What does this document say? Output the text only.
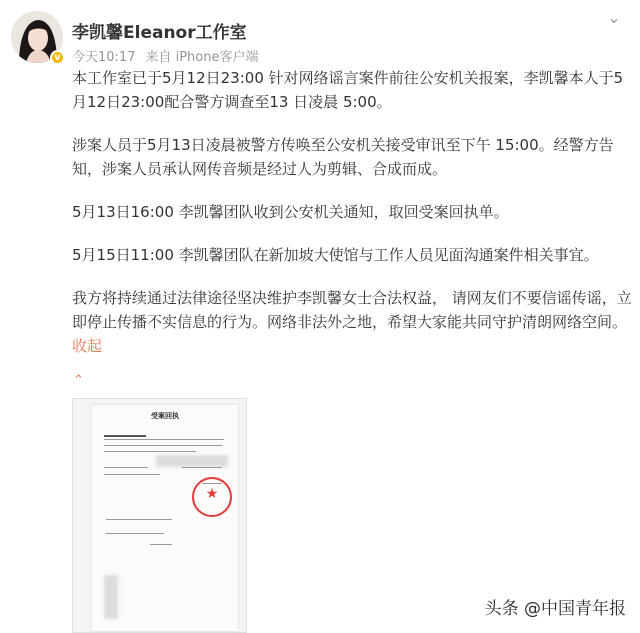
v
李凯馨Eleanor工作室
今天10:17 来自 iPhone客户端
⌄

本工作室已于5月12日23:00 针对网络谣言案件前往公安机关报案，李凯馨本人于5月12日23:00配合警方调查至13 日凌晨 5:00。

涉案人员于5月13日凌晨被警方传唤至公安机关接受审讯至下午 15:00。经警方告知，涉案人员承认网传音频是经过人为剪辑、合成而成。

5月13日16:00 李凯馨团队收到公安机关通知，取回受案回执单。

5月15日11:00 李凯馨团队在新加坡大使馆与工作人员见面沟通案件相关事宜。

我方将持续通过法律途径坚决维护李凯馨女士合法权益， 请网友们不要信谣传谣，立即停止传播不实信息的行为。网络非法外之地，希望大家能共同守护清朗网络空间。 收起

⌃
受案回执
★
头条 @中国青年报
